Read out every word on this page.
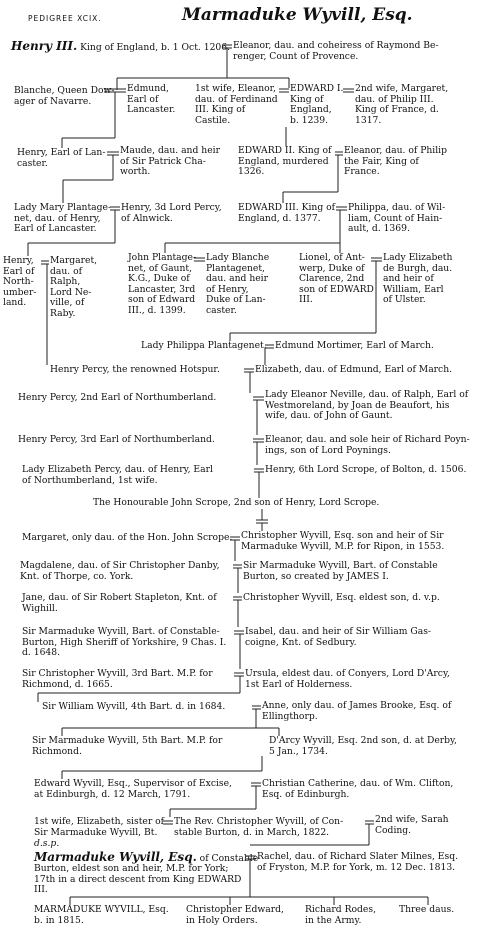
PEDIGREE XCIX.	Marmaduke Wyvill, Esq.
Henry III. King of England, b. 1 Oct. 1206. Eleanor, dau. and coheiress of Raymond Be-
renger, Count of Provence.
Blanche, Queen Dow-
ager of Navarre.
Edmund,
Earl of
Lancaster.
1st wife, Eleanor,
dau. of Ferdinand
III. King of
Castile.
EDWARD I.
King of
England,
b. 1239.
2nd wife, Margaret,
dau. of Philip III.
King of France, d.
1317.
Henry, Earl of Lan-
caster.
Maude, dau. and heir
of Sir Patrick Cha-
worth.
EDWARD II. King of
England, murdered
1326.
Eleanor, dau. of Philip
the Fair, King of
France.
Lady Mary Plantage-
net, dau. of Henry,
Earl of Lancaster.
Henry, 3d Lord Percy,
of Alnwick.
EDWARD III. King of
England, d. 1377.
Philippa, dau. of Wil-
liam, Count of Hain-
ault, d. 1369.
Henry,
Earl of
North-
umber-
land.
Margaret,
dau. of
Ralph,
Lord Ne-
ville, of
Raby.
John Plantage-
net, of Gaunt,
K.G., Duke of
Lancaster, 3rd
son of Edward
III., d. 1399.
Lady Blanche
Plantagenet,
dau. and heir
of Henry,
Duke of Lan-
caster.
Lionel, of Ant-
werp, Duke of
Clarence, 2nd
son of EDWARD
III.
Lady Elizabeth
de Burgh, dau.
and heir of
William, Earl
of Ulster.
Lady Philippa Plantagenet. Edmund Mortimer, Earl of March.
Henry Percy, the renowned Hotspur.	Elizabeth, dau. of Edmund, Earl of March.
Henry Percy, 2nd Earl of Northumberland.	Lady Eleanor Neville, dau. of Ralph, Earl of
Westmoreland, by Joan de Beaufort, his
wife, dau. of John of Gaunt.
Henry Percy, 3rd Earl of Northumberland.	Eleanor, dau. and sole heir of Richard Poyn-
ings, son of Lord Poynings.
Lady Elizabeth Percy, dau. of Henry, Earl
of Northumberland, 1st wife.
Henry, 6th Lord Scrope, of Bolton, d. 1506.
The Honourable John Scrope, 2nd son of Henry, Lord Scrope.
Margaret, only dau. of the Hon. John Scrope. Christopher Wyvill, Esq. son and heir of Sir
Marmaduke Wyvill, M.P. for Ripon, in 1553.
Magdalene, dau. of Sir Christopher Danby,
Knt. of Thorpe, co. York.
Sir Marmaduke Wyvill, Bart. of Constable
Burton, so created by JAMES I.
Jane, dau. of Sir Robert Stapleton, Knt. of
Wighill.
Christopher Wyvill, Esq. eldest son, d. v.p.
Sir Marmaduke Wyvill, Bart. of Constable-
Burton, High Sheriff of Yorkshire, 9 Chas. I.
d. 1648.
Isabel, dau. and heir of Sir William Gas-
coigne, Knt. of Sedbury.
Sir Christopher Wyvill, 3rd Bart. M.P. for
Richmond, d. 1665.
Ursula, eldest dau. of Conyers, Lord D'Arcy,
1st Earl of Holderness.
Sir William Wyvill, 4th Bart. d. in 1684.	Anne, only dau. of James Brooke, Esq. of
Ellingthorp.
Sir Marmaduke Wyvill, 5th Bart. M.P. for
Richmond.
D'Arcy Wyvill, Esq. 2nd son, d. at Derby,
5 Jan., 1734.
Edward Wyvill, Esq., Supervisor of Excise,
at Edinburgh, d. 12 March, 1791.
Christian Catherine, dau. of Wm. Clifton,
Esq. of Edinburgh.
1st wife, Elizabeth, sister of
Sir Marmaduke Wyvill, Bt.
d.s.p.
The Rev. Christopher Wyvill, of Con-
stable Burton, d. in March, 1822.
2nd wife, Sarah
Coding.
Marmaduke Wyvill, Esq. of Constable
Burton, eldest son and heir, M.P. for York;
17th in a direct descent from King EDWARD
III.
Rachel, dau. of Richard Slater Milnes, Esq.
of Fryston, M.P. for York, m. 12 Dec. 1813.
MARMADUKE WYVILL, Esq.
b. in 1815.
Christopher Edward,
in Holy Orders.
Richard Rodes,
in the Army.
Three daus.
